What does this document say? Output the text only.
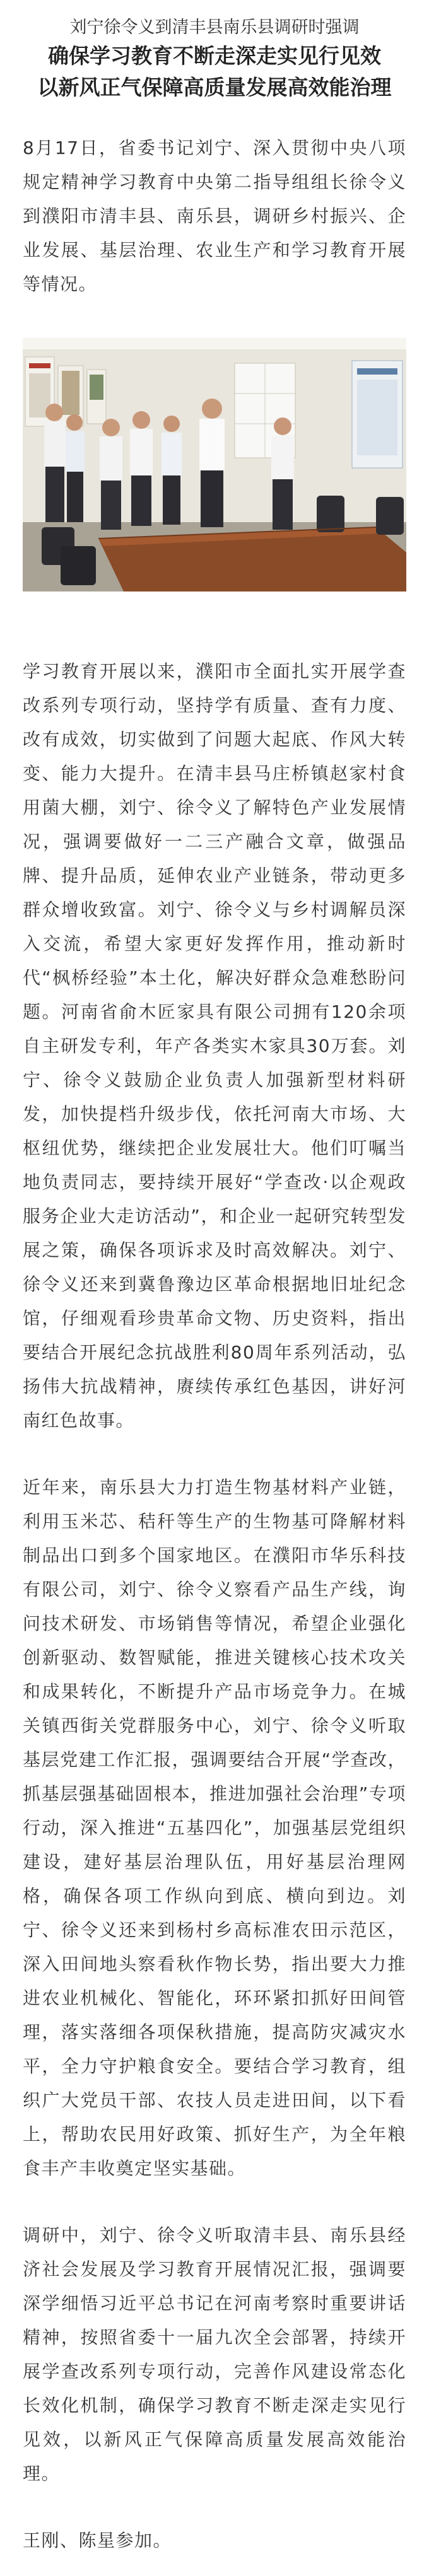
刘宁徐令义到清丰县南乐县调研时强调

确保学习教育不断走深走实见行见效

以新风正气保障高质量发展高效能治理

8月17日，省委书记刘宁、深入贯彻中央八项规定精神学习教育中央第二指导组组长徐令义到濮阳市清丰县、南乐县，调研乡村振兴、企业发展、基层治理、农业生产和学习教育开展等情况。

学习教育开展以来，濮阳市全面扎实开展学查改系列专项行动，坚持学有质量、查有力度、改有成效，切实做到了问题大起底、作风大转变、能力大提升。在清丰县马庄桥镇赵家村食用菌大棚，刘宁、徐令义了解特色产业发展情况，强调要做好一二三产融合文章，做强品牌、提升品质，延伸农业产业链条，带动更多群众增收致富。刘宁、徐令义与乡村调解员深入交流，希望大家更好发挥作用，推动新时代“枫桥经验”本土化，解决好群众急难愁盼问题。河南省俞木匠家具有限公司拥有120余项自主研发专利，年产各类实木家具30万套。刘宁、徐令义鼓励企业负责人加强新型材料研发，加快提档升级步伐，依托河南大市场、大枢纽优势，继续把企业发展壮大。他们叮嘱当地负责同志，要持续开展好“学查改·以企观政服务企业大走访活动”，和企业一起研究转型发展之策，确保各项诉求及时高效解决。刘宁、徐令义还来到冀鲁豫边区革命根据地旧址纪念馆，仔细观看珍贵革命文物、历史资料，指出要结合开展纪念抗战胜利80周年系列活动，弘扬伟大抗战精神，赓续传承红色基因，讲好河南红色故事。

近年来，南乐县大力打造生物基材料产业链，利用玉米芯、秸秆等生产的生物基可降解材料制品出口到多个国家地区。在濮阳市华乐科技有限公司，刘宁、徐令义察看产品生产线，询问技术研发、市场销售等情况，希望企业强化创新驱动、数智赋能，推进关键核心技术攻关和成果转化，不断提升产品市场竞争力。在城关镇西街关党群服务中心，刘宁、徐令义听取基层党建工作汇报，强调要结合开展“学查改，抓基层强基础固根本，推进加强社会治理”专项行动，深入推进“五基四化”，加强基层党组织建设，建好基层治理队伍，用好基层治理网格，确保各项工作纵向到底、横向到边。刘宁、徐令义还来到杨村乡高标准农田示范区，深入田间地头察看秋作物长势，指出要大力推进农业机械化、智能化，环环紧扣抓好田间管理，落实落细各项保秋措施，提高防灾减灾水平，全力守护粮食安全。要结合学习教育，组织广大党员干部、农技人员走进田间，以下看上，帮助农民用好政策、抓好生产，为全年粮食丰产丰收奠定坚实基础。

调研中，刘宁、徐令义听取清丰县、南乐县经济社会发展及学习教育开展情况汇报，强调要深学细悟习近平总书记在河南考察时重要讲话精神，按照省委十一届九次全会部署，持续开展学查改系列专项行动，完善作风建设常态化长效化机制，确保学习教育不断走深走实见行见效，以新风正气保障高质量发展高效能治理。

王刚、陈星参加。
